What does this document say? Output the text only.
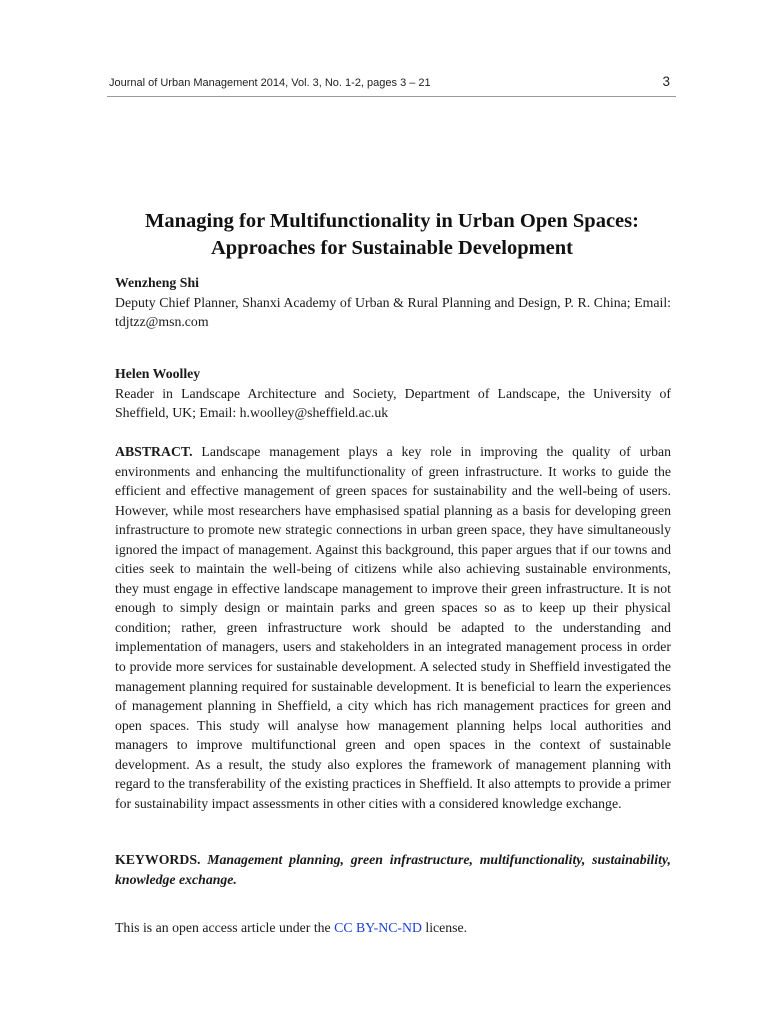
Journal of Urban Management 2014, Vol. 3, No. 1-2, pages 3 – 21	3
Managing for Multifunctionality in Urban Open Spaces:
Approaches for Sustainable Development
Wenzheng Shi
Deputy Chief Planner, Shanxi Academy of Urban & Rural Planning and Design, P. R. China; Email: tdjtzz@msn.com
Helen Woolley
Reader in Landscape Architecture and Society, Department of Landscape, the University of Sheffield, UK; Email: h.woolley@sheffield.ac.uk

ABSTRACT. Landscape management plays a key role in improving the quality of urban environments and enhancing the multifunctionality of green infrastructure. It works to guide the efficient and effective management of green spaces for sustainability and the well-being of users. However, while most researchers have emphasised spatial planning as a basis for developing green infrastructure to promote new strategic connections in urban green space, they have simultaneously ignored the impact of management. Against this background, this paper argues that if our towns and cities seek to maintain the well-being of citizens while also achieving sustainable environments, they must engage in effective landscape management to improve their green infrastructure. It is not enough to simply design or maintain parks and green spaces so as to keep up their physical condition; rather, green infrastructure work should be adapted to the understanding and implementation of managers, users and stakeholders in an integrated management process in order to provide more services for sustainable development. A selected study in Sheffield investigated the management planning required for sustainable development. It is beneficial to learn the experiences of management planning in Sheffield, a city which has rich management practices for green and open spaces. This study will analyse how management planning helps local authorities and managers to improve multifunctional green and open spaces in the context of sustainable development. As a result, the study also explores the framework of management planning with regard to the transferability of the existing practices in Sheffield. It also attempts to provide a primer for sustainability impact assessments in other cities with a considered knowledge exchange.

KEYWORDS. Management planning, green infrastructure, multifunctionality, sustainability, knowledge exchange.

This is an open access article under the CC BY-NC-ND license.
